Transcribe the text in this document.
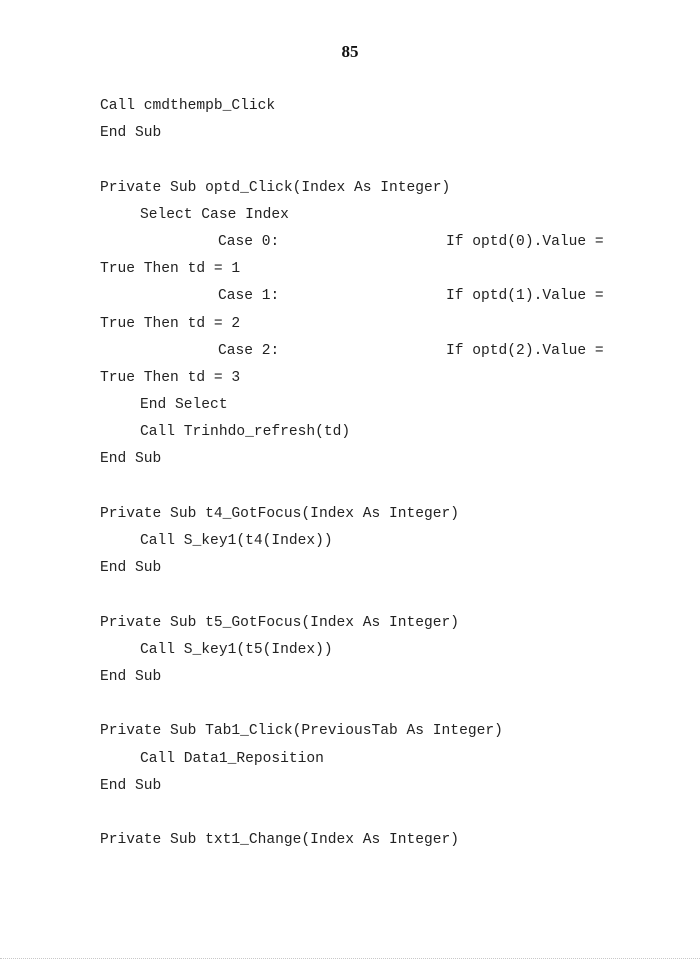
85
Call cmdthempb_Click
End Sub
Private Sub optd_Click(Index As Integer)
Select Case Index
Case 0:	If optd(0).Value =
True Then td = 1
Case 1:	If optd(1).Value =
True Then td = 2
Case 2:	If optd(2).Value =
True Then td = 3
End Select
Call Trinhdo_refresh(td)
End Sub
Private Sub t4_GotFocus(Index As Integer)
Call S_key1(t4(Index))
End Sub
Private Sub t5_GotFocus(Index As Integer)
Call S_key1(t5(Index))
End Sub
Private Sub Tab1_Click(PreviousTab As Integer)
Call Data1_Reposition
End Sub
Private Sub txt1_Change(Index As Integer)
